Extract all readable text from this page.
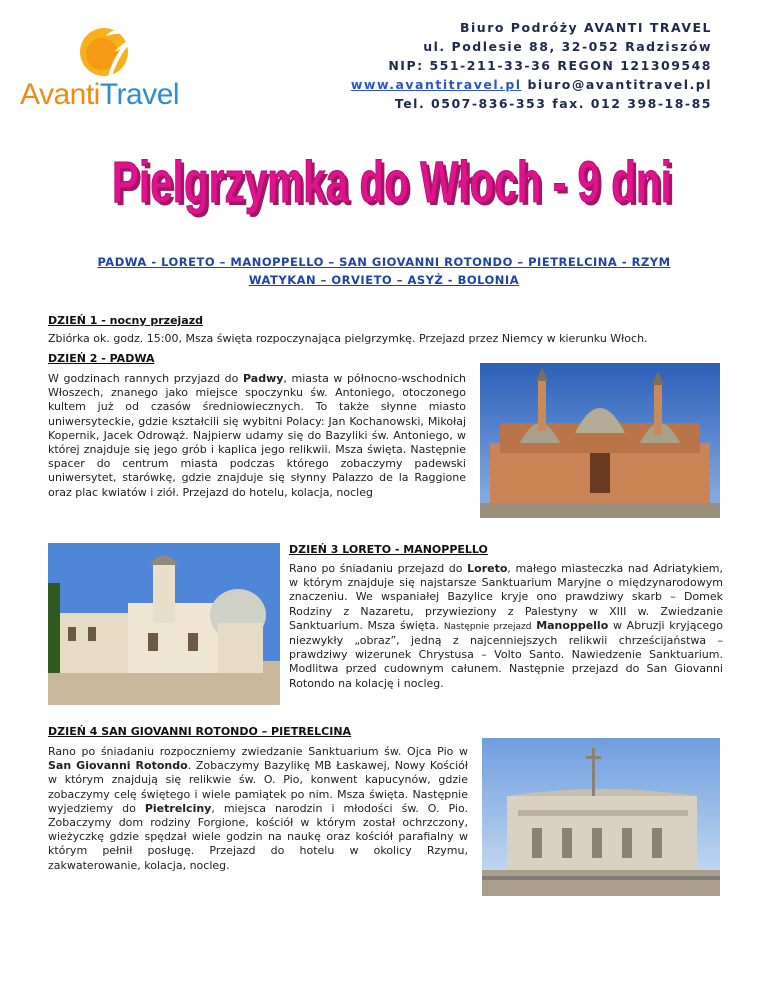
AvantiTravel
Biuro Podróży AVANTI TRAVEL
ul. Podlesie 88, 32-052 Radziszów
NIP: 551-211-33-36 REGON 121309548
www.avantitravel.pl biuro@avantitravel.pl
Tel. 0507-836-353 fax. 012 398-18-85
Pielgrzymka do Włoch - 9 dni
Pielgrzymka do Włoch - 9 dni
PADWA - LORETO – MANOPPELLO – SAN GIOVANNI ROTONDO – PIETRELCINA - RZYM
WATYKAN – ORVIETO – ASYŻ - BOLONIA
DZIEŃ 1 - nocny przejazd
Zbiórka ok. godz. 15:00, Msza święta rozpoczynająca pielgrzymkę. Przejazd przez Niemcy w kierunku Włoch.
DZIEŃ 2 - PADWA
W godzinach rannych przyjazd do Padwy, miasta w północno-wschodnich Włoszech, znanego jako miejsce spoczynku św. Antoniego, otoczonego kultem już od czasów średniowiecznych. To także słynne miasto uniwersyteckie, gdzie kształcili się wybitni Polacy: Jan Kochanowski, Mikołaj Kopernik, Jacek Odrowąż. Najpierw udamy się do Bazyliki św. Antoniego, w której znajduje się jego grób i kaplica jego relikwii. Msza święta. Następnie spacer do centrum miasta podczas którego zobaczymy padewski uniwersytet, starówkę, gdzie znajduje się słynny Palazzo de la Raggione oraz plac kwiatów i ziół. Przejazd do hotelu, kolacja, nocleg
DZIEŃ 3 LORETO - MANOPPELLO
Rano po śniadaniu przejazd do Loreto, małego miasteczka nad Adriatykiem, w którym znajduje się najstarsze Sanktuarium Maryjne o międzynarodowym znaczeniu. We wspaniałej Bazylice kryje ono prawdziwy skarb – Domek Rodziny z Nazaretu, przywieziony z Palestyny w XIII w. Zwiedzanie Sanktuarium. Msza święta. Następnie przejazd Manoppello w Abruzji kryjącego niezwykły „obraz”, jedną z najcenniejszych relikwii chrześcijaństwa – prawdziwy wizerunek Chrystusa – Volto Santo. Nawiedzenie Sanktuarium. Modlitwa przed cudownym całunem. Następnie przejazd do San Giovanni Rotondo na kolację i nocleg.
DZIEŃ 4 SAN GIOVANNI ROTONDO – PIETRELCINA
Rano po śniadaniu rozpoczniemy zwiedzanie Sanktuarium św. Ojca Pio w San Giovanni Rotondo. Zobaczymy Bazylikę MB Łaskawej, Nowy Kościół w którym znajdują się relikwie św. O. Pio, konwent kapucynów, gdzie zobaczymy celę świętego i wiele pamiątek po nim. Msza święta. Następnie wyjedziemy do Pietrelciny, miejsca narodzin i młodości św. O. Pio. Zobaczymy dom rodziny Forgione, kościół w którym został ochrzczony, wieżyczkę gdzie spędzał wiele godzin na naukę oraz kościół parafialny w którym pełnił posługę. Przejazd do hotelu w okolicy Rzymu, zakwaterowanie, kolacja, nocleg.
